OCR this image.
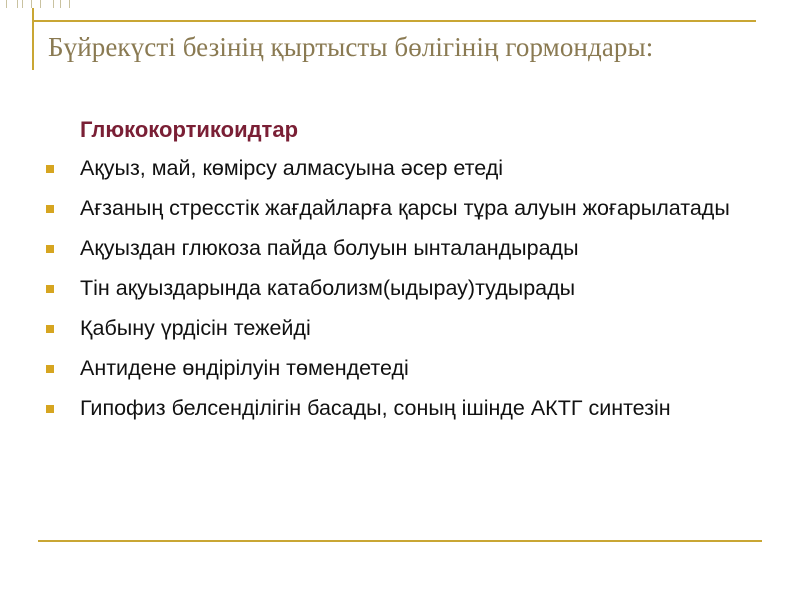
Бүйрекүсті безінің қыртысты бөлігінің гормондары:
Глюкокортикоидтар
Ақуыз, май, көмірсу алмасуына әсер етеді
Ағзаның стресстік жағдайларға қарсы тұра алуын жоғарылатады
Ақуыздан глюкоза пайда болуын ынталандырады
Тін ақуыздарында катаболизм(ыдырау)тудырады
Қабыну үрдісін тежейді
Антидене өндірілуін төмендетеді
Гипофиз белсенділігін басады, соның ішінде АКТГ синтезін
